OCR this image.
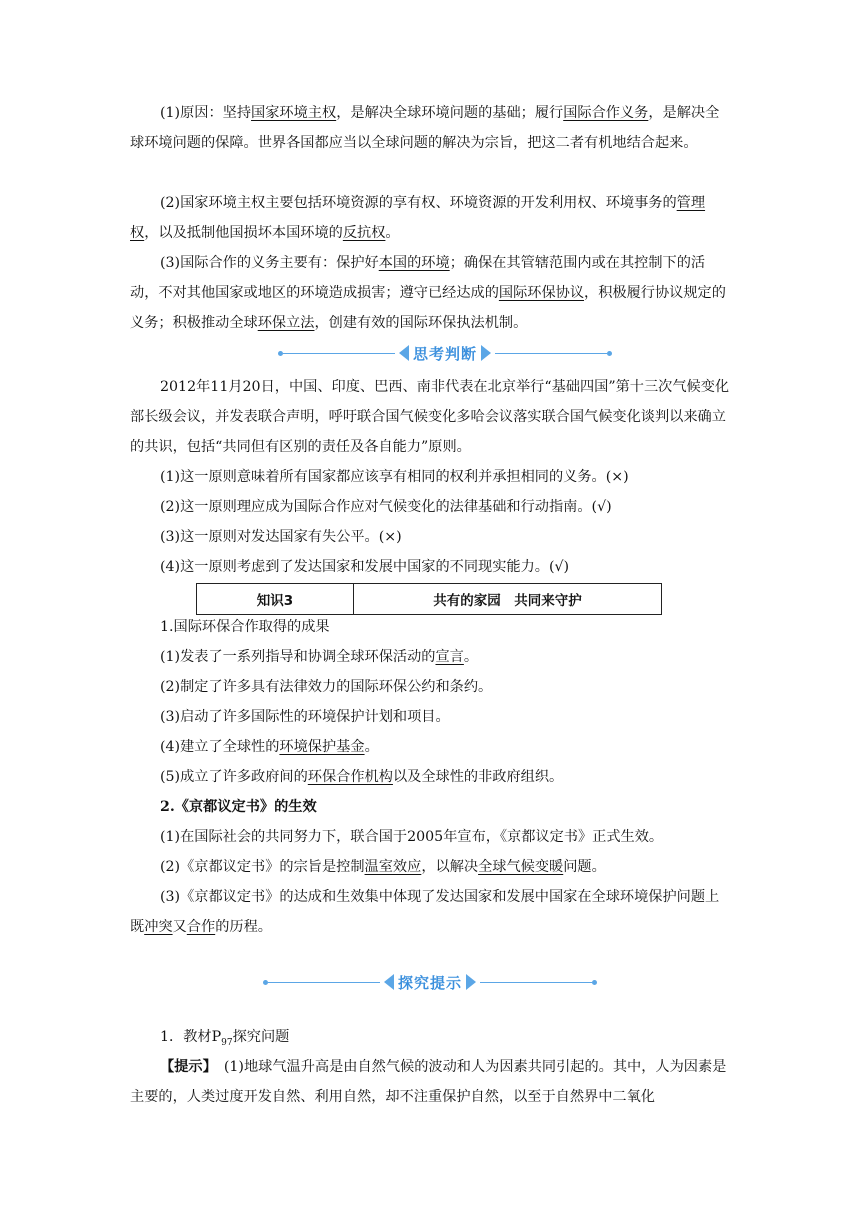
(1)原因：坚持国家环境主权，是解决全球环境问题的基础；履行国际合作义务，是解决全球环境问题的保障。世界各国都应当以全球问题的解决为宗旨，把这二者有机地结合起来。

(2)国家环境主权主要包括环境资源的享有权、环境资源的开发利用权、环境事务的管理权，以及抵制他国损坏本国环境的反抗权。

(3)国际合作的义务主要有：保护好本国的环境；确保在其管辖范围内或在其控制下的活动，不对其他国家或地区的环境造成损害；遵守已经达成的国际环保协议，积极履行协议规定的义务；积极推动全球环保立法，创建有效的国际环保执法机制。

思考判断

2012年11月20日，中国、印度、巴西、南非代表在北京举行“基础四国”第十三次气候变化部长级会议，并发表联合声明，呼吁联合国气候变化多哈会议落实联合国气候变化谈判以来确立的共识，包括“共同但有区别的责任及各自能力”原则。

(1)这一原则意味着所有国家都应该享有相同的权利并承担相同的义务。(×)

(2)这一原则理应成为国际合作应对气候变化的法律基础和行动指南。(√)

(3)这一原则对发达国家有失公平。(×)

(4)这一原则考虑到了发达国家和发展中国家的不同现实能力。(√)

知识3	共有的家园　共同来守护

1.国际环保合作取得的成果

(1)发表了一系列指导和协调全球环保活动的宣言。

(2)制定了许多具有法律效力的国际环保公约和条约。

(3)启动了许多国际性的环境保护计划和项目。

(4)建立了全球性的环境保护基金。

(5)成立了许多政府间的环保合作机构以及全球性的非政府组织。

2.《京都议定书》的生效

(1)在国际社会的共同努力下，联合国于2005年宣布，《京都议定书》正式生效。

(2)《京都议定书》的宗旨是控制温室效应，以解决全球气候变暖问题。

(3)《京都议定书》的达成和生效集中体现了发达国家和发展中国家在全球环境保护问题上既冲突又合作的历程。

探究提示

1．教材$P_{97}$探究问题

【提示】　(1)地球气温升高是由自然气候的波动和人为因素共同引起的。其中，人为因素是主要的，人类过度开发自然、利用自然，却不注重保护自然，以至于自然界中二氧化
